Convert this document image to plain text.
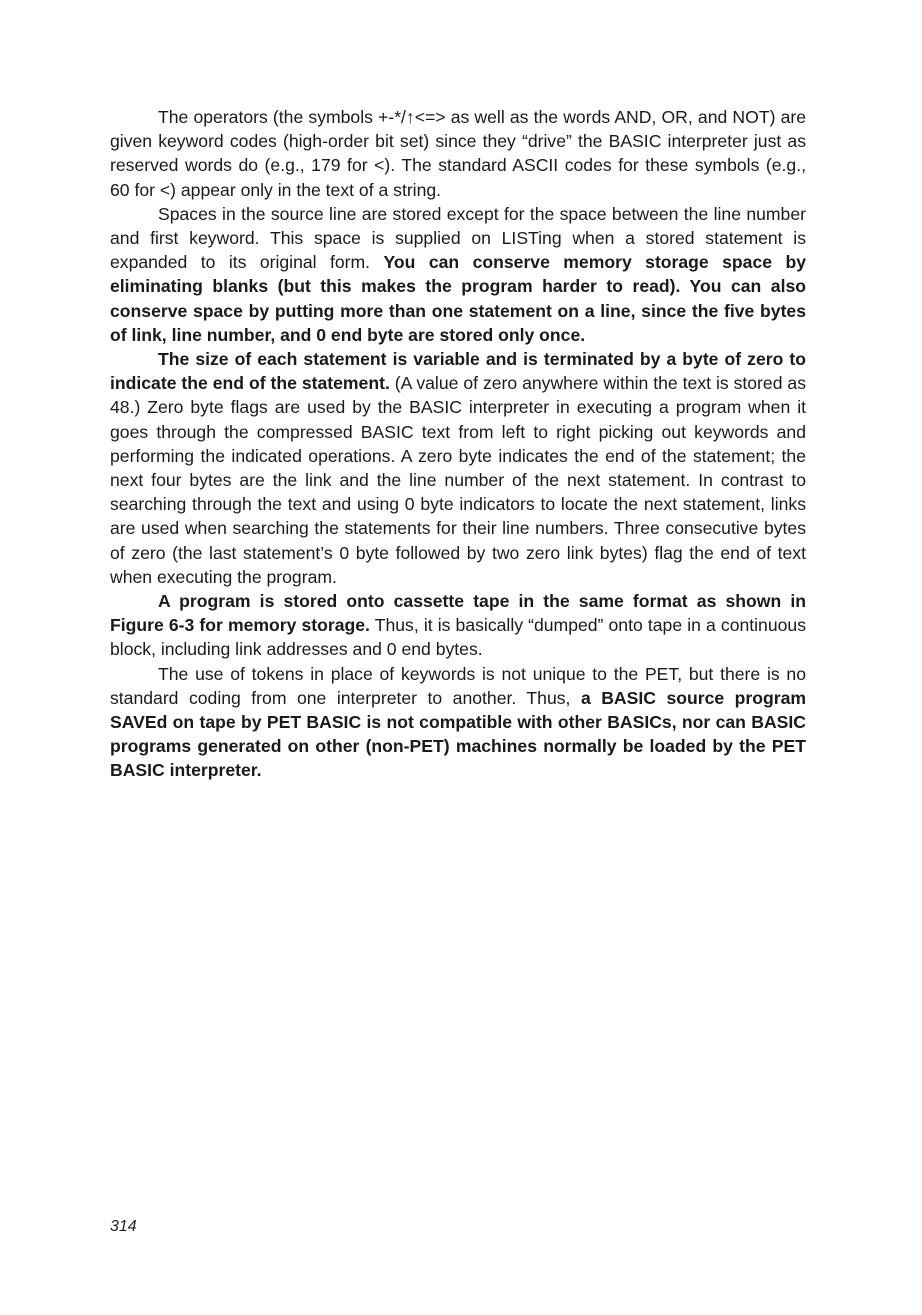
The operators (the symbols +-*/↑<=> as well as the words AND, OR, and NOT) are given keyword codes (high-order bit set) since they “drive” the BASIC interpreter just as reserved words do (e.g., 179 for <). The standard ASCII codes for these symbols (e.g., 60 for <) appear only in the text of a string.

Spaces in the source line are stored except for the space between the line number and first keyword. This space is supplied on LISTing when a stored statement is expanded to its original form. You can conserve memory storage space by eliminating blanks (but this makes the program harder to read). You can also conserve space by putting more than one statement on a line, since the five bytes of link, line number, and 0 end byte are stored only once.

The size of each statement is variable and is terminated by a byte of zero to indicate the end of the statement. (A value of zero anywhere within the text is stored as 48.) Zero byte flags are used by the BASIC interpreter in executing a program when it goes through the compressed BASIC text from left to right picking out keywords and performing the indicated operations. A zero byte indicates the end of the statement; the next four bytes are the link and the line number of the next statement. In contrast to searching through the text and using 0 byte indicators to locate the next statement, links are used when searching the statements for their line numbers. Three consecutive bytes of zero (the last statement’s 0 byte followed by two zero link bytes) flag the end of text when executing the program.

A program is stored onto cassette tape in the same format as shown in Figure 6-3 for memory storage. Thus, it is basically “dumped” onto tape in a continuous block, including link addresses and 0 end bytes.

The use of tokens in place of keywords is not unique to the PET, but there is no standard coding from one interpreter to another. Thus, a BASIC source program SAVEd on tape by PET BASIC is not compatible with other BASICs, nor can BASIC programs generated on other (non-PET) machines normally be loaded by the PET BASIC interpreter.

314
